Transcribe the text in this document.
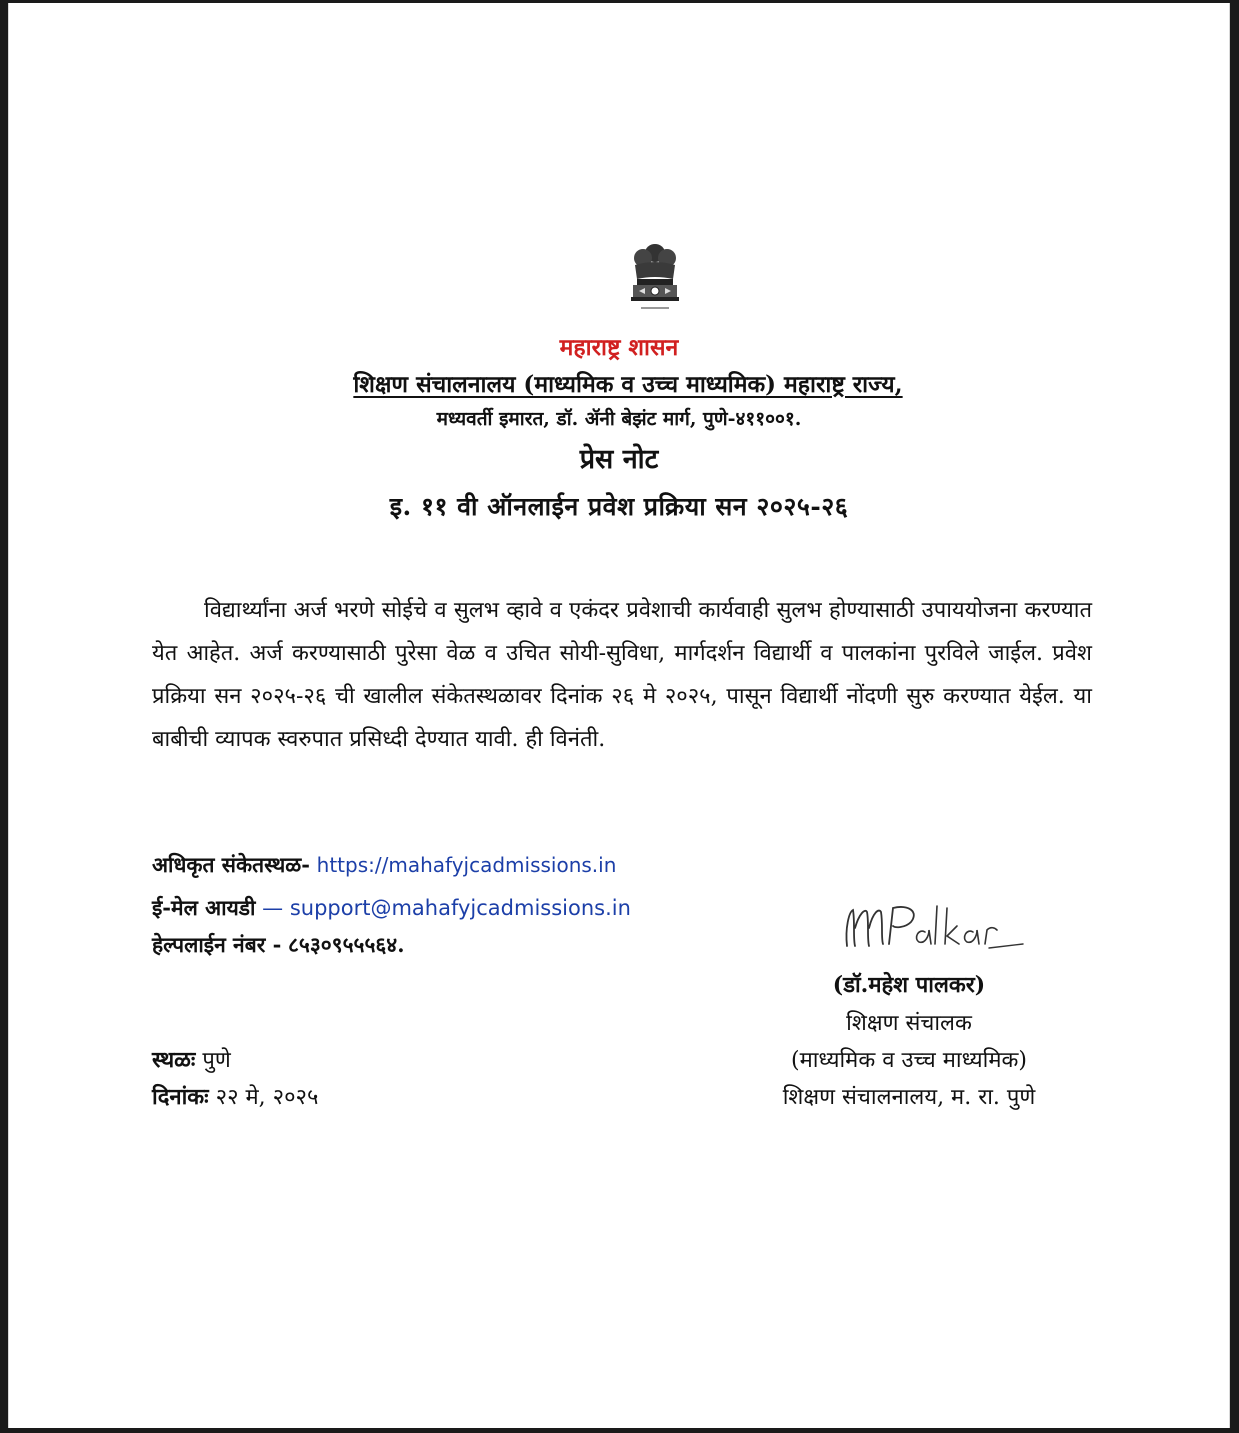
महाराष्ट्र शासन
शिक्षण संचालनालय (माध्यमिक व उच्च माध्यमिक) महाराष्ट्र राज्य,
मध्यवर्ती इमारत, डॉ. ॲनी बेझंट मार्ग, पुणे-४११००१.
प्रेस नोट
इ. ११ वी ऑनलाईन प्रवेश प्रक्रिया सन २०२५-२६
विद्यार्थ्यांना अर्ज भरणे सोईचे व सुलभ व्हावे व एकंदर प्रवेशाची कार्यवाही सुलभ होण्यासाठी उपाययोजना करण्यात येत आहेत. अर्ज करण्यासाठी पुरेसा वेळ व उचित सोयी-सुविधा, मार्गदर्शन विद्यार्थी व पालकांना पुरविले जाईल. प्रवेश प्रक्रिया सन २०२५-२६ ची खालील संकेतस्थळावर दिनांक २६ मे २०२५, पासून विद्यार्थी नोंदणी सुरु करण्यात येईल. या बाबीची व्यापक स्वरुपात प्रसिध्दी देण्यात यावी. ही विनंती.
अधिकृत संकेतस्थळ- https://mahafyjcadmissions.in
ई-मेल आयडी — support@mahafyjcadmissions.in
हेल्पलाईन नंबर - ८५३०९५५५६४.
(डॉ.महेश पालकर)
शिक्षण संचालक
(माध्यमिक व उच्च माध्यमिक)
शिक्षण संचालनालय, म. रा. पुणे
स्थळः पुणे
दिनांकः २२ मे, २०२५
